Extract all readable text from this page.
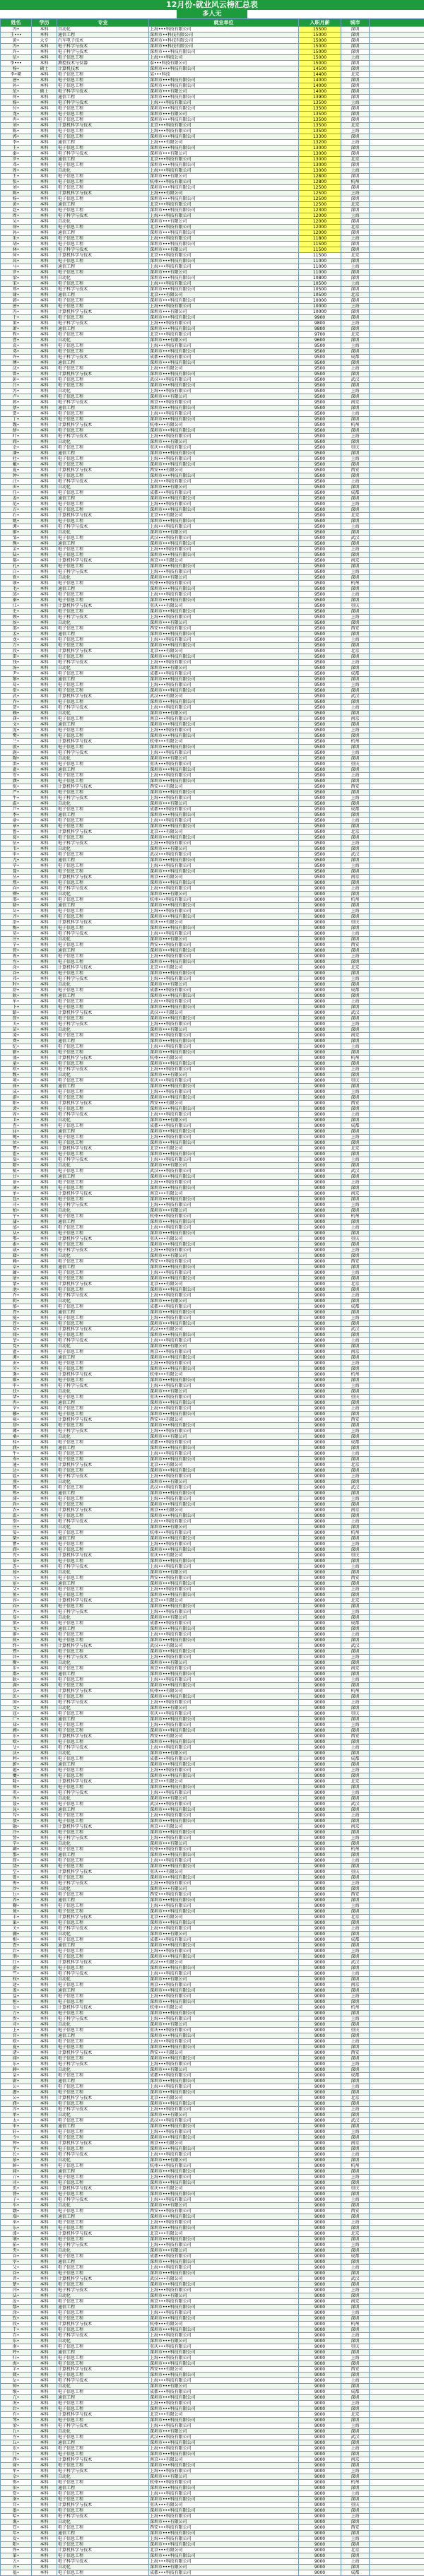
12月份-就业风云榜汇总表
多人无
姓名	学历	专业	就业单位	入职月薪	城市	
冯•	本科	自动化	上海•••科技有限公司	15500	深圳	
王•••	本科	通信工程	深圳市••科技有限公司	15000	深圳	
黄•	大专	汽车电子技术	深圳市••科技有限公司	15000	深圳	
冯•	本科	电子科学与技术	深圳市••科技有限公司	15000	深圳	
许•	本科	电子科学与技术	深圳市•••科技有限公司	15000	深圳	
伍•	本科	电子信息工程	上海•••科技公司	15000	上海	
李•••	本科	测控技术与仪器	泰•••科技有限公司	15000	深圳	
杨•	硕士	计算机技术	深圳市•••科技有限公司	14500	深圳	
李•朝	本科	电子信息工程	某•••科技	14400	北京	
唐•	本科	电子信息工程	深圳市•••科技有限公司	14000	深圳	
孙•	本科	电子信息工程	深圳市•••科技有限公司	14000	深圳	
范•	硕士	电子科学与技术	深圳市•••有限公司	14000	深圳	
何•	本科	通信工程	深圳市•••科技有限公司	13900	深圳	
杨•	本科	电子科学与技术	上海•••科技有限公司	13500	上海	
付•	本科	电子信息工程	深圳市•••科技有限公司	13500	深圳	
龙•	本科	电子信息工程	深圳市•••有限公司	13500	深圳	
冉•	本科	电子信息工程	深圳市•••科技有限公司	13500	深圳	
刘•	本科	计算机科学与技术	北京•••科技有限公司	13500	北京	
陈•	本科	电子信息工程	上海•••科技有限公司	13500	上海	
郭•	本科	电子信息工程	深圳市•••科技有限公司	13300	深圳	
李•	本科	通信工程	上海•••有限公司	13200	上海	
王•	本科	电子信息工程	深圳市•••科技有限公司	13000	深圳	
秦•	本科	电子科学与技术	深圳市•••有限公司	13000	深圳	
罗•	本科	通信工程	北京•••科技有限公司	13000	北京	
邓•	本科	电子信息工程	深圳市•••科技有限公司	13000	深圳	
周•	本科	自动化	上海•••科技有限公司	13000	上海	
王•	本科	电子信息工程	深圳市•••有限公司	12800	深圳	
张•	本科	电子信息工程	杭州•••科技有限公司	12800	杭州	
刘•	本科	电子信息工程	深圳市•••科技有限公司	12500	深圳	
陈•	本科	计算机科学与技术	上海•••有限公司	12500	上海	
杨•	本科	电子信息工程	深圳市•••科技有限公司	12500	深圳	
黄•	本科	通信工程	北京•••科技有限公司	12500	北京	
赵•	本科	电子信息工程	深圳市•••科技有限公司	12300	深圳	
周•	本科	电子科学与技术	上海•••科技有限公司	12000	上海	
吴•	本科	自动化	深圳市•••有限公司	12000	深圳	
徐•	本科	电子信息工程	北京•••科技有限公司	12000	北京	
孙•	本科	通信工程	深圳市•••科技有限公司	12000	深圳	
朱•	本科	电子信息工程	上海•••科技有限公司	11800	上海	
胡•	本科	电子信息工程	深圳市•••科技有限公司	11500	深圳	
林•	本科	电子科学与技术	深圳市•••有限公司	11500	深圳	
何•	本科	计算机科学与技术	北京•••科技有限公司	11500	北京	
高•	本科	电子信息工程	深圳市•••科技有限公司	11000	深圳	
马•	本科	通信工程	上海•••科技有限公司	11000	上海	
罗•	本科	电子信息工程	深圳市•••有限公司	11000	深圳	
梁•	本科	自动化	深圳市•••科技有限公司	10800	深圳	
宋•	本科	电子信息工程	上海•••科技有限公司	10500	上海	
郑•	本科	电子科学与技术	深圳市•••科技有限公司	10500	深圳	
谢•	本科	通信工程	北京•••有限公司	10500	北京	
韩•	本科	电子信息工程	深圳市•••科技有限公司	10000	深圳	
唐•	本科	电子信息工程	上海•••科技有限公司	10000	上海	
冯•	本科	计算机科学与技术	深圳市•••有限公司	10000	深圳	
于•	本科	电子信息工程	深圳市•••科技有限公司	9900	深圳	
董•	本科	电子科学与技术	上海•••科技有限公司	9800	上海	
萧•	本科	通信工程	深圳市•••科技有限公司	9800	深圳	
程•	本科	电子信息工程	北京•••科技有限公司	9700	北京	
曹•	本科	自动化	深圳市•••有限公司	9600	深圳	
袁•	本科	电子信息工程	上海•••科技有限公司	9500	上海	
邓•	本科	电子信息工程	深圳市•••科技有限公司	9500	深圳	
许•	本科	电子科学与技术	成都•••科技有限公司	9500	成都	
傅•	本科	通信工程	深圳市•••科技有限公司	9500	深圳	
沈•	本科	电子信息工程	上海•••有限公司	9500	上海	
曾•	本科	计算机科学与技术	深圳市•••科技有限公司	9500	深圳	
彭•	本科	电子信息工程	武汉•••科技有限公司	9500	武汉	
吕•	本科	电子信息工程	深圳市•••科技有限公司	9500	深圳	
苏•	本科	自动化	上海•••科技有限公司	9500	上海	
卢•	本科	电子信息工程	深圳市•••有限公司	9500	深圳	
蒋•	本科	电子科学与技术	南京•••科技有限公司	9500	南京	
蔡•	本科	通信工程	深圳市•••科技有限公司	9500	深圳	
贾•	本科	电子信息工程	上海•••科技有限公司	9500	上海	
丁•	本科	电子信息工程	深圳市•••科技有限公司	9500	深圳	
魏•	本科	计算机科学与技术	杭州•••有限公司	9500	杭州	
薛•	本科	电子信息工程	深圳市•••科技有限公司	9500	深圳	
叶•	本科	电子科学与技术	上海•••科技有限公司	9500	上海	
阎•	本科	自动化	深圳市•••有限公司	9500	深圳	
余•	本科	电子信息工程	重庆•••科技有限公司	9500	重庆	
潘•	本科	通信工程	深圳市•••科技有限公司	9500	深圳	
杜•	本科	电子信息工程	上海•••科技有限公司	9500	上海	
戴•	本科	电子信息工程	深圳市•••科技有限公司	9500	深圳	
夏•	本科	计算机科学与技术	西安•••有限公司	9500	西安	
钟•	本科	电子信息工程	深圳市•••科技有限公司	9500	深圳	
汪•	本科	电子科学与技术	上海•••科技有限公司	9500	上海	
田•	本科	自动化	深圳市•••有限公司	9500	深圳	
任•	本科	电子信息工程	成都•••科技有限公司	9500	成都	
姜•	本科	通信工程	深圳市•••科技有限公司	9500	深圳	
范•	本科	电子信息工程	上海•••科技有限公司	9500	上海	
方•	本科	电子信息工程	深圳市•••科技有限公司	9500	深圳	
石•	本科	计算机科学与技术	北京•••有限公司	9500	北京	
姚•	本科	电子信息工程	深圳市•••科技有限公司	9500	深圳	
谭•	本科	电子科学与技术	上海•••科技有限公司	9500	上海	
廖•	本科	自动化	深圳市•••有限公司	9500	深圳	
邹•	本科	电子信息工程	武汉•••科技有限公司	9500	武汉	
熊•	本科	通信工程	深圳市•••科技有限公司	9500	深圳	
金•	本科	电子信息工程	上海•••科技有限公司	9500	上海	
陆•	本科	电子信息工程	深圳市•••科技有限公司	9500	深圳	
郝•	本科	计算机科学与技术	南京•••有限公司	9500	南京	
孔•	本科	电子信息工程	深圳市•••科技有限公司	9500	深圳	
白•	本科	电子科学与技术	上海•••科技有限公司	9500	上海	
崔•	本科	自动化	深圳市•••有限公司	9500	深圳	
康•	本科	电子信息工程	杭州•••科技有限公司	9500	杭州	
毛•	本科	通信工程	深圳市•••科技有限公司	9500	深圳	
邱•	本科	电子信息工程	上海•••科技有限公司	9500	上海	
秦•	本科	电子信息工程	深圳市•••科技有限公司	9500	深圳	
江•	本科	计算机科学与技术	重庆•••有限公司	9500	重庆	
史•	本科	电子信息工程	深圳市•••科技有限公司	9500	深圳	
顾•	本科	电子科学与技术	上海•••科技有限公司	9500	上海	
侯•	本科	自动化	深圳市•••有限公司	9500	深圳	
邵•	本科	电子信息工程	西安•••科技有限公司	9500	西安	
孟•	本科	通信工程	深圳市•••科技有限公司	9500	深圳	
龙•	本科	电子信息工程	上海•••科技有限公司	9500	上海	
万•	本科	电子信息工程	深圳市•••科技有限公司	9500	深圳	
段•	本科	计算机科学与技术	北京•••有限公司	9500	北京	
雷•	本科	电子信息工程	深圳市•••科技有限公司	9500	深圳	
钱•	本科	电子科学与技术	上海•••科技有限公司	9500	上海	
汤•	本科	自动化	深圳市•••有限公司	9500	深圳	
尹•	本科	电子信息工程	成都•••科技有限公司	9500	成都	
黎•	本科	通信工程	深圳市•••科技有限公司	9500	深圳	
易•	本科	电子信息工程	上海•••科技有限公司	9500	上海	
常•	本科	电子信息工程	深圳市•••科技有限公司	9500	深圳	
武•	本科	计算机科学与技术	武汉•••有限公司	9500	武汉	
乔•	本科	电子信息工程	深圳市•••科技有限公司	9500	深圳	
贺•	本科	电子科学与技术	上海•••科技有限公司	9500	上海	
赖•	本科	自动化	深圳市•••有限公司	9500	深圳	
龚•	本科	电子信息工程	南京•••科技有限公司	9500	南京	
文•	本科	通信工程	深圳市•••科技有限公司	9500	深圳	
庞•	本科	电子信息工程	上海•••科技有限公司	9500	上海	
樊•	本科	电子信息工程	深圳市•••科技有限公司	9500	深圳	
兰•	本科	计算机科学与技术	杭州•••有限公司	9500	杭州	
殷•	本科	电子信息工程	深圳市•••科技有限公司	9500	深圳	
施•	本科	电子科学与技术	上海•••科技有限公司	9500	上海	
陶•	本科	自动化	深圳市•••有限公司	9500	深圳	
洪•	本科	电子信息工程	重庆•••科技有限公司	9500	重庆	
翟•	本科	通信工程	深圳市•••科技有限公司	9500	深圳	
安•	本科	电子信息工程	上海•••科技有限公司	9500	上海	
颜•	本科	电子信息工程	深圳市•••科技有限公司	9500	深圳	
倪•	本科	计算机科学与技术	西安•••有限公司	9500	西安	
严•	本科	电子信息工程	深圳市•••科技有限公司	9500	深圳	
牛•	本科	电子科学与技术	上海•••科技有限公司	9500	上海	
温•	本科	自动化	深圳市•••有限公司	9500	深圳	
芦•	本科	电子信息工程	成都•••科技有限公司	9500	成都	
季•	本科	通信工程	深圳市•••科技有限公司	9500	深圳	
俞•	本科	电子信息工程	上海•••科技有限公司	9500	上海	
章•	本科	电子信息工程	深圳市•••科技有限公司	9500	深圳	
鲁•	本科	计算机科学与技术	北京•••有限公司	9500	北京	
葛•	本科	电子信息工程	深圳市•••科技有限公司	9500	深圳	
伍•	本科	电子科学与技术	上海•••科技有限公司	9500	上海	
韦•	本科	自动化	深圳市•••有限公司	9500	深圳	
申•	本科	电子信息工程	武汉•••科技有限公司	9500	武汉	
尤•	本科	通信工程	深圳市•••科技有限公司	9500	深圳	
毕•	本科	电子信息工程	上海•••科技有限公司	9500	上海	
聂•	本科	电子信息工程	深圳市•••科技有限公司	9500	深圳	
丛•	本科	计算机科学与技术	南京•••有限公司	9500	南京	
焦•	本科	电子信息工程	深圳市•••科技有限公司	9000	深圳	
向•	本科	电子科学与技术	上海•••科技有限公司	9000	上海	
柳•	本科	自动化	深圳市•••有限公司	9000	深圳	
邢•	本科	电子信息工程	杭州•••科技有限公司	9000	杭州	
骆•	本科	通信工程	深圳市•••科技有限公司	9000	深圳	
岳•	本科	电子信息工程	上海•••科技有限公司	9000	上海	
齐•	本科	电子信息工程	深圳市•••科技有限公司	9000	深圳	
沿•	本科	计算机科学与技术	重庆•••有限公司	9000	重庆	
梅•	本科	电子信息工程	深圳市•••科技有限公司	9000	深圳	
莫•	本科	电子科学与技术	上海•••科技有限公司	9000	上海	
庄•	本科	自动化	深圳市•••有限公司	9000	深圳	
辛•	本科	电子信息工程	西安•••科技有限公司	9000	西安	
管•	本科	通信工程	深圳市•••科技有限公司	9000	深圳	
祝•	本科	电子信息工程	上海•••科技有限公司	9000	上海	
左•	本科	电子信息工程	深圳市•••科技有限公司	9000	深圳	
涂•	本科	计算机科学与技术	北京•••有限公司	9000	北京	
谷•	本科	电子信息工程	深圳市•••科技有限公司	9000	深圳	
祁•	本科	电子科学与技术	上海•••科技有限公司	9000	上海	
时•	本科	自动化	深圳市•••有限公司	9000	深圳	
舒•	本科	电子信息工程	成都•••科技有限公司	9000	成都	
耿•	本科	通信工程	深圳市•••科技有限公司	9000	深圳	
牟•	本科	电子信息工程	上海•••科技有限公司	9000	上海	
卜•	本科	电子信息工程	深圳市•••科技有限公司	9000	深圳	
路•	本科	计算机科学与技术	武汉•••有限公司	9000	武汉	
詹•	本科	电子信息工程	深圳市•••科技有限公司	9000	深圳	
关•	本科	电子科学与技术	上海•••科技有限公司	9000	上海	
苗•	本科	自动化	深圳市•••有限公司	9000	深圳	
凌•	本科	电子信息工程	南京•••科技有限公司	9000	南京	
费•	本科	通信工程	深圳市•••科技有限公司	9000	深圳	
纪•	本科	电子信息工程	上海•••科技有限公司	9000	上海	
靳•	本科	电子信息工程	深圳市•••科技有限公司	9000	深圳	
盛•	本科	计算机科学与技术	杭州•••有限公司	9000	杭州	
童•	本科	电子信息工程	深圳市•••科技有限公司	9000	深圳	
欧•	本科	电子科学与技术	上海•••科技有限公司	9000	上海	
甄•	本科	自动化	深圳市•••有限公司	9000	深圳	
项•	本科	电子信息工程	重庆•••科技有限公司	9000	重庆	
曲•	本科	通信工程	深圳市•••科技有限公司	9000	深圳	
成•	本科	电子信息工程	上海•••科技有限公司	9000	上海	
游•	本科	电子信息工程	深圳市•••科技有限公司	9000	深圳	
阳•	本科	计算机科学与技术	西安•••有限公司	9000	西安	
裴•	本科	电子信息工程	深圳市•••科技有限公司	9000	深圳	
席•	本科	电子科学与技术	上海•••科技有限公司	9000	上海	
卫•	本科	自动化	深圳市•••有限公司	9000	深圳	
查•	本科	电子信息工程	成都•••科技有限公司	9000	成都	
屈•	本科	通信工程	深圳市•••科技有限公司	9000	深圳	
鲍•	本科	电子信息工程	上海•••科技有限公司	9000	上海	
位•	本科	电子信息工程	深圳市•••科技有限公司	9000	深圳	
覃•	本科	计算机科学与技术	北京•••有限公司	9000	北京	
霍•	本科	电子信息工程	深圳市•••科技有限公司	9000	深圳	
翁•	本科	电子科学与技术	上海•••科技有限公司	9000	上海	
隋•	本科	自动化	深圳市•••有限公司	9000	深圳	
植•	本科	电子信息工程	武汉•••科技有限公司	9000	武汉	
甘•	本科	通信工程	深圳市•••科技有限公司	9000	深圳	
景•	本科	电子信息工程	上海•••科技有限公司	9000	上海	
薄•	本科	电子信息工程	深圳市•••科技有限公司	9000	深圳	
单•	本科	计算机科学与技术	南京•••有限公司	9000	南京	
包•	本科	电子信息工程	深圳市•••科技有限公司	9000	深圳	
司•	本科	电子科学与技术	上海•••科技有限公司	9000	上海	
柏•	本科	自动化	深圳市•••有限公司	9000	深圳	
宁•	本科	电子信息工程	杭州•••科技有限公司	9000	杭州	
蒲•	本科	通信工程	深圳市•••科技有限公司	9000	深圳	
邰•	本科	电子信息工程	上海•••科技有限公司	9000	上海	
从•	本科	电子信息工程	深圳市•••科技有限公司	9000	深圳	
鄂•	本科	计算机科学与技术	重庆•••有限公司	9000	重庆	
索•	本科	电子信息工程	深圳市•••科技有限公司	9000	深圳	
咸•	本科	电子科学与技术	上海•••科技有限公司	9000	上海	
籍•	本科	自动化	深圳市•••有限公司	9000	深圳	
赖•	本科	电子信息工程	西安•••科技有限公司	9000	西安	
卓•	本科	通信工程	深圳市•••科技有限公司	9000	深圳	
蔺•	本科	电子信息工程	上海•••科技有限公司	9000	上海	
屠•	本科	电子信息工程	深圳市•••科技有限公司	9000	深圳	
蒙•	本科	计算机科学与技术	北京•••有限公司	9000	北京	
池•	本科	电子信息工程	深圳市•••科技有限公司	9000	深圳	
乔•	本科	电子科学与技术	上海•••科技有限公司	9000	上海	
阴•	本科	自动化	深圳市•••有限公司	9000	深圳	
郁•	本科	电子信息工程	成都•••科技有限公司	9000	成都	
胥•	本科	通信工程	深圳市•••科技有限公司	9000	深圳	
能•	本科	电子信息工程	上海•••科技有限公司	9000	上海	
苍•	本科	电子信息工程	深圳市•••科技有限公司	9000	深圳	
双•	本科	计算机科学与技术	武汉•••有限公司	9000	武汉	
闻•	本科	电子信息工程	深圳市•••科技有限公司	9000	深圳	
莘•	本科	电子科学与技术	上海•••科技有限公司	9000	上海	
党•	本科	自动化	深圳市•••有限公司	9000	深圳	
翟•	本科	电子信息工程	南京•••科技有限公司	9000	南京	
谭•	本科	通信工程	深圳市•••科技有限公司	9000	深圳	
贡•	本科	电子信息工程	上海•••科技有限公司	9000	上海	
劳•	本科	电子信息工程	深圳市•••科技有限公司	9000	深圳	
逄•	本科	计算机科学与技术	杭州•••有限公司	9000	杭州	
姬•	本科	电子信息工程	深圳市•••科技有限公司	9000	深圳	
申•	本科	电子科学与技术	上海•••科技有限公司	9000	上海	
扶•	本科	自动化	深圳市•••有限公司	9000	深圳	
堵•	本科	电子信息工程	重庆•••科技有限公司	9000	重庆	
冉•	本科	通信工程	深圳市•••科技有限公司	9000	深圳	
宰•	本科	电子信息工程	上海•••科技有限公司	9000	上海	
郦•	本科	电子信息工程	深圳市•••科技有限公司	9000	深圳	
雍•	本科	计算机科学与技术	西安•••有限公司	9000	西安	
却•	本科	电子信息工程	深圳市•••科技有限公司	9000	深圳	
璩•	本科	电子科学与技术	上海•••科技有限公司	9000	上海	
桑•	本科	自动化	深圳市•••有限公司	9000	深圳	
桂•	本科	电子信息工程	成都•••科技有限公司	9000	成都	
濮•	本科	通信工程	深圳市•••科技有限公司	9000	深圳	
牛•	本科	电子信息工程	上海•••科技有限公司	9000	上海	
寿•	本科	电子信息工程	深圳市•••科技有限公司	9000	深圳	
通•	本科	计算机科学与技术	北京•••有限公司	9000	北京	
边•	本科	电子信息工程	深圳市•••科技有限公司	9000	深圳	
扈•	本科	电子科学与技术	上海•••科技有限公司	9000	上海	
燕•	本科	自动化	深圳市•••有限公司	9000	深圳	
冀•	本科	电子信息工程	武汉•••科技有限公司	9000	武汉	
郏•	本科	通信工程	深圳市•••科技有限公司	9000	深圳	
浦•	本科	电子信息工程	上海•••科技有限公司	9000	上海	
尚•	本科	电子信息工程	深圳市•••科技有限公司	9000	深圳	
农•	本科	计算机科学与技术	南京•••有限公司	9000	南京	
温•	本科	电子信息工程	深圳市•••科技有限公司	9000	深圳	
别•	本科	电子科学与技术	上海•••科技有限公司	9000	上海	
庄•	本科	自动化	深圳市•••有限公司	9000	深圳	
晏•	本科	电子信息工程	杭州•••科技有限公司	9000	杭州	
柴•	本科	通信工程	深圳市•••科技有限公司	9000	深圳	
瞿•	本科	电子信息工程	上海•••科技有限公司	9000	上海	
阎•	本科	电子信息工程	深圳市•••科技有限公司	9000	深圳	
充•	本科	计算机科学与技术	重庆•••有限公司	9000	重庆	
慕•	本科	电子信息工程	深圳市•••科技有限公司	9000	深圳	
连•	本科	电子科学与技术	上海•••科技有限公司	9000	上海	
茹•	本科	自动化	深圳市•••有限公司	9000	深圳	
习•	本科	电子信息工程	西安•••科技有限公司	9000	西安	
宦•	本科	通信工程	深圳市•••科技有限公司	9000	深圳	
艾•	本科	电子信息工程	上海•••科技有限公司	9000	上海	
鱼•	本科	电子信息工程	深圳市•••科技有限公司	9000	深圳	
容•	本科	计算机科学与技术	北京•••有限公司	9000	北京	
向•	本科	电子信息工程	深圳市•••科技有限公司	9000	深圳	
古•	本科	电子科学与技术	上海•••科技有限公司	9000	上海	
易•	本科	自动化	深圳市•••有限公司	9000	深圳	
慎•	本科	电子信息工程	成都•••科技有限公司	9000	成都	
戈•	本科	通信工程	深圳市•••科技有限公司	9000	深圳	
廖•	本科	电子信息工程	上海•••科技有限公司	9000	上海	
庾•	本科	电子信息工程	深圳市•••科技有限公司	9000	深圳	
终•	本科	计算机科学与技术	武汉•••有限公司	9000	武汉	
暨•	本科	电子信息工程	深圳市•••科技有限公司	9000	深圳	
居•	本科	电子科学与技术	上海•••科技有限公司	9000	上海	
衡•	本科	自动化	深圳市•••有限公司	9000	深圳	
步•	本科	电子信息工程	南京•••科技有限公司	9000	南京	
都•	本科	通信工程	深圳市•••科技有限公司	9000	深圳	
耿•	本科	电子信息工程	上海•••科技有限公司	9000	上海	
满•	本科	电子信息工程	深圳市•••科技有限公司	9000	深圳	
弘•	本科	计算机科学与技术	杭州•••有限公司	9000	杭州	
匡•	本科	电子信息工程	深圳市•••科技有限公司	9000	深圳	
国•	本科	电子科学与技术	上海•••科技有限公司	9000	上海	
文•	本科	自动化	深圳市•••有限公司	9000	深圳	
寇•	本科	电子信息工程	重庆•••科技有限公司	9000	重庆	
广•	本科	通信工程	深圳市•••科技有限公司	9000	深圳	
禄•	本科	电子信息工程	上海•••科技有限公司	9000	上海	
阙•	本科	电子信息工程	深圳市•••科技有限公司	9000	深圳	
东•	本科	计算机科学与技术	西安•••有限公司	9000	西安	
欧•	本科	电子信息工程	深圳市•••科技有限公司	9000	深圳	
殳•	本科	电子科学与技术	上海•••科技有限公司	9000	上海	
沃•	本科	自动化	深圳市•••有限公司	9000	深圳	
利•	本科	电子信息工程	成都•••科技有限公司	9000	成都	
蔚•	本科	通信工程	深圳市•••科技有限公司	9000	深圳	
越•	本科	电子信息工程	上海•••科技有限公司	9000	上海	
夔•	本科	电子信息工程	深圳市•••科技有限公司	9000	深圳	
隆•	本科	计算机科学与技术	北京•••有限公司	9000	北京	
师•	本科	电子信息工程	深圳市•••科技有限公司	9000	深圳	
巩•	本科	电子科学与技术	上海•••科技有限公司	9000	上海	
厍•	本科	自动化	深圳市•••有限公司	9000	深圳	
聂•	本科	电子信息工程	武汉•••科技有限公司	9000	武汉	
晁•	本科	通信工程	深圳市•••科技有限公司	9000	深圳	
勾•	本科	电子信息工程	上海•••科技有限公司	9000	上海	
敖•	本科	电子信息工程	深圳市•••科技有限公司	9000	深圳	
融•	本科	计算机科学与技术	南京•••有限公司	9000	南京	
冷•	本科	电子信息工程	深圳市•••科技有限公司	9000	深圳	
訾•	本科	电子科学与技术	上海•••科技有限公司	9000	上海	
辛•	本科	自动化	深圳市•••有限公司	9000	深圳	
阚•	本科	电子信息工程	杭州•••科技有限公司	9000	杭州	
那•	本科	通信工程	深圳市•••科技有限公司	9000	深圳	
简•	本科	电子信息工程	上海•••科技有限公司	9000	上海	
饶•	本科	电子信息工程	深圳市•••科技有限公司	9000	深圳	
空•	本科	计算机科学与技术	重庆•••有限公司	9000	重庆	
曾•	本科	电子信息工程	深圳市•••科技有限公司	9000	深圳	
毋•	本科	电子科学与技术	上海•••科技有限公司	9000	上海	
沙•	本科	自动化	深圳市•••有限公司	9000	深圳	
乜•	本科	电子信息工程	西安•••科技有限公司	9000	西安	
养•	本科	通信工程	深圳市•••科技有限公司	9000	深圳	
鞠•	本科	电子信息工程	上海•••科技有限公司	9000	上海	
须•	本科	电子信息工程	深圳市•••科技有限公司	9000	深圳	
丰•	本科	计算机科学与技术	北京•••有限公司	9000	北京	
巢•	本科	电子信息工程	深圳市•••科技有限公司	9000	深圳	
关•	本科	电子科学与技术	上海•••科技有限公司	9000	上海	
蒯•	本科	自动化	深圳市•••有限公司	9000	深圳	
相•	本科	电子信息工程	成都•••科技有限公司	9000	成都	
查•	本科	通信工程	深圳市•••科技有限公司	9000	深圳	
后•	本科	电子信息工程	上海•••科技有限公司	9000	上海	
荆•	本科	电子信息工程	深圳市•••科技有限公司	9000	深圳	
红•	本科	计算机科学与技术	武汉•••有限公司	9000	武汉	
游•	本科	电子信息工程	深圳市•••科技有限公司	9000	深圳	
竺•	本科	电子科学与技术	上海•••科技有限公司	9000	上海	
权•	本科	自动化	深圳市•••有限公司	9000	深圳	
逯•	本科	电子信息工程	南京•••科技有限公司	9000	南京	
盖•	本科	通信工程	深圳市•••科技有限公司	9000	深圳	
益•	本科	电子信息工程	上海•••科技有限公司	9000	上海	
桓•	本科	电子信息工程	深圳市•••科技有限公司	9000	深圳	
公•	本科	计算机科学与技术	杭州•••有限公司	9000	杭州	
万•	本科	电子信息工程	深圳市•••科技有限公司	9000	深圳	
俟•	本科	电子科学与技术	上海•••科技有限公司	9000	上海	
司•	本科	自动化	深圳市•••有限公司	9000	深圳	
上•	本科	电子信息工程	重庆•••科技有限公司	9000	重庆	
官•	本科	通信工程	深圳市•••科技有限公司	9000	深圳	
欧•	本科	电子信息工程	上海•••科技有限公司	9000	上海	
夏•	本科	电子信息工程	深圳市•••科技有限公司	9000	深圳	
诸•	本科	计算机科学与技术	西安•••有限公司	9000	西安	
闻•	本科	电子信息工程	深圳市•••科技有限公司	9000	深圳	
东•	本科	电子科学与技术	上海•••科技有限公司	9000	上海	
赫•	本科	自动化	深圳市•••有限公司	9000	深圳	
皇•	本科	电子信息工程	成都•••科技有限公司	9000	成都	
尉•	本科	通信工程	深圳市•••科技有限公司	9000	深圳	
公•	本科	电子信息工程	上海•••科技有限公司	9000	上海	
澹•	本科	电子信息工程	深圳市•••科技有限公司	9000	深圳	
公•	本科	计算机科学与技术	北京•••有限公司	9000	北京	
濮•	本科	电子信息工程	深圳市•••科技有限公司	9000	深圳	
淳•	本科	电子科学与技术	上海•••科技有限公司	9000	上海	
单•	本科	自动化	深圳市•••有限公司	9000	深圳	
太•	本科	电子信息工程	武汉•••科技有限公司	9000	武汉	
申•	本科	通信工程	深圳市•••科技有限公司	9000	深圳	
轩•	本科	电子信息工程	上海•••科技有限公司	9000	上海	
令•	本科	电子信息工程	深圳市•••科技有限公司	9000	深圳	
钟•	本科	计算机科学与技术	南京•••有限公司	9000	南京	
宇•	本科	电子信息工程	深圳市•••科技有限公司	9000	深圳	
长•	本科	电子科学与技术	上海•••科技有限公司	9000	上海	
慕•	本科	自动化	深圳市•••有限公司	9000	深圳	
鲜•	本科	电子信息工程	杭州•••科技有限公司	9000	杭州	
闾•	本科	通信工程	深圳市•••科技有限公司	9000	深圳	
亓•	本科	电子信息工程	上海•••科技有限公司	9000	上海	
司•	本科	电子信息工程	深圳市•••科技有限公司	9000	深圳	
仉•	本科	计算机科学与技术	重庆•••有限公司	9000	重庆	
督•	本科	电子信息工程	深圳市•••科技有限公司	9000	深圳	
子•	本科	电子科学与技术	上海•••科技有限公司	9000	上海	
车•	本科	自动化	深圳市•••有限公司	9000	深圳	
颛•	本科	电子信息工程	西安•••科技有限公司	9000	西安	
端•	本科	通信工程	深圳市•••科技有限公司	9000	深圳	
巫•	本科	电子信息工程	上海•••科技有限公司	9000	上海	
乐•	本科	电子信息工程	深圳市•••科技有限公司	9000	深圳	
漆•	本科	计算机科学与技术	北京•••有限公司	9000	北京	
壤•	本科	电子信息工程	深圳市•••科技有限公司	9000	深圳	
拓•	本科	电子科学与技术	上海•••科技有限公司	9000	上海	
夹•	本科	自动化	深圳市•••有限公司	9000	深圳	
谷•	本科	电子信息工程	成都•••科技有限公司	9000	成都	
宰•	本科	通信工程	深圳市•••科技有限公司	9000	深圳	
父•	本科	电子信息工程	上海•••科技有限公司	9000	上海	
谷•	本科	电子信息工程	深圳市•••科技有限公司	9000	深圳	
晋•	本科	计算机科学与技术	武汉•••有限公司	9000	武汉	
楚•	本科	电子信息工程	深圳市•••科技有限公司	9000	深圳	
闫•	本科	电子科学与技术	上海•••科技有限公司	9000	上海	
法•	本科	自动化	深圳市•••有限公司	9000	深圳	
汝•	本科	电子信息工程	南京•••科技有限公司	9000	南京	
鄢•	本科	通信工程	深圳市•••科技有限公司	9000	深圳	
涂•	本科	电子信息工程	上海•••科技有限公司	9000	上海	
钦•	本科	电子信息工程	深圳市•••科技有限公司	9000	深圳	
段•	本科	计算机科学与技术	杭州•••有限公司	9000	杭州	
干•	本科	电子信息工程	深圳市•••科技有限公司	9000	深圳	
百•	本科	电子科学与技术	上海•••科技有限公司	9000	上海	
东•	本科	自动化	深圳市•••有限公司	9000	深圳	
南•	本科	电子信息工程	重庆•••科技有限公司	9000	重庆	
呼•	本科	通信工程	深圳市•••科技有限公司	9000	深圳	
归•	本科	电子信息工程	上海•••科技有限公司	9000	上海	
海•	本科	电子信息工程	深圳市•••科技有限公司	9000	深圳	
羊•	本科	计算机科学与技术	西安•••有限公司	9000	西安	
微•	本科	电子信息工程	深圳市•••科技有限公司	9000	深圳	
岳•	本科	电子科学与技术	上海•••科技有限公司	9000	上海	
帅•	本科	自动化	深圳市•••有限公司	9000	深圳	
缑•	本科	电子信息工程	成都•••科技有限公司	9000	成都	
亢•	本科	通信工程	深圳市•••科技有限公司	9000	深圳	
况•	本科	电子信息工程	上海•••科技有限公司	9000	上海	
后•	本科	电子信息工程	深圳市•••科技有限公司	9000	深圳	
有•	本科	计算机科学与技术	北京•••有限公司	9000	北京	
琴•	本科	电子信息工程	深圳市•••科技有限公司	9000	深圳	
梁•	本科	电子科学与技术	上海•••科技有限公司	9000	上海	
丘•	本科	自动化	深圳市•••有限公司	9000	深圳	
左•	本科	电子信息工程	武汉•••科技有限公司	9000	武汉	
丘•	本科	通信工程	深圳市•••科技有限公司	9000	深圳	
东•	本科	电子信息工程	上海•••科技有限公司	9000	上海	
门•	本科	电子信息工程	深圳市•••科技有限公司	9000	深圳	
西•	本科	计算机科学与技术	南京•••有限公司	9000	南京	
商•	本科	电子信息工程	深圳市•••科技有限公司	9000	深圳	
牟•	本科	电子科学与技术	上海•••科技有限公司	9000	上海	
佘•	本科	自动化	深圳市•••有限公司	9000	深圳	
佴•	本科	电子信息工程	杭州•••科技有限公司	9000	杭州	
伯•	本科	通信工程	深圳市•••科技有限公司	9000	深圳	
赏•	本科	电子信息工程	上海•••科技有限公司	9000	上海	
南•	本科	电子信息工程	深圳市•••科技有限公司	9000	深圳	
宫•	本科	计算机科学与技术	重庆•••有限公司	9000	重庆	
墨•	本科	电子信息工程	深圳市•••科技有限公司	9000	深圳	
哈•	本科	电子科学与技术	上海•••科技有限公司	9000	上海	
谯•	本科	自动化	深圳市•••有限公司	9000	深圳	
笪•	本科	电子信息工程	西安•••科技有限公司	9000	西安	
年•	本科	通信工程	深圳市•••科技有限公司	9000	深圳	
爱•	本科	电子信息工程	上海•••科技有限公司	9000	上海	
阳•	本科	电子信息工程	深圳市•••科技有限公司	9000	深圳	
佟•	本科	计算机科学与技术	北京•••有限公司	9000	北京	
第•	本科	电子信息工程	深圳市•••科技有限公司	9000	深圳	
五•	本科	电子科学与技术	上海•••科技有限公司	9000	上海	
言•	本科	自动化	深圳市•••有限公司	9000	深圳	
福•	本科	电子信息工程	成都•••科技有限公司	9000	成都	
